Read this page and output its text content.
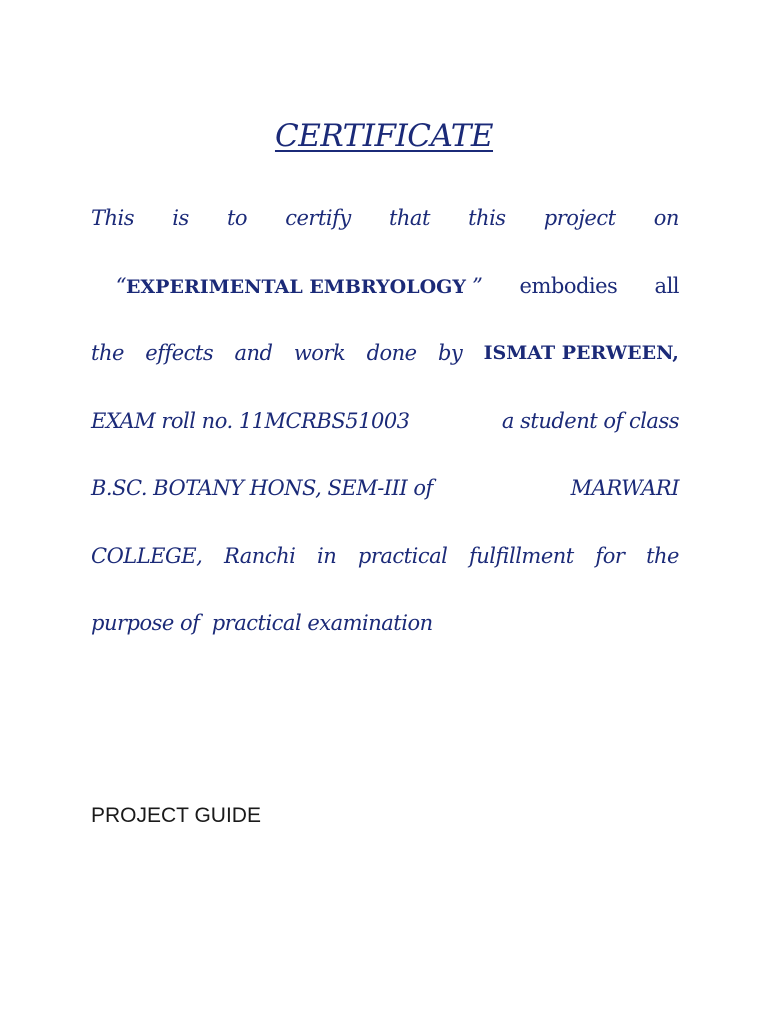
CERTIFICATE
This is to certify that this project on

“EXPERIMENTAL EMBRYOLOGY ”
embodies all
the effects and work done by ISMAT PERWEEN,
EXAM roll no. 11MCRBS51003	a student of class
B.SC. BOTANY HONS, SEM-III of	MARWARI
COLLEGE, Ranchi in practical fulfillment for the
purpose of  practical examination
PROJECT GUIDE
